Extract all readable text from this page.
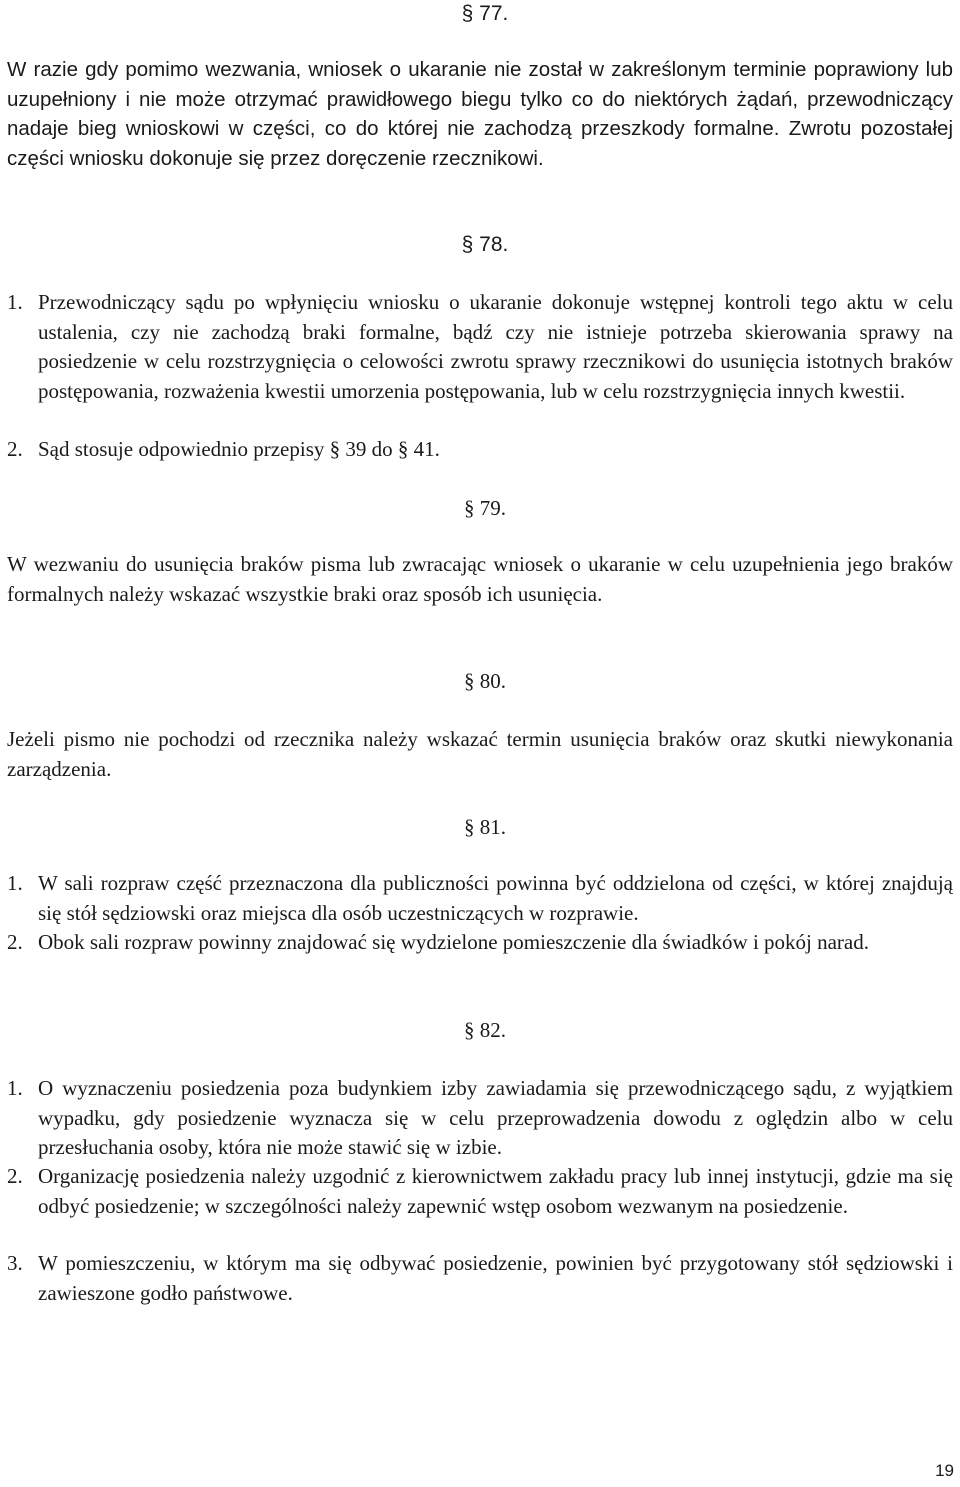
§ 77.
W razie gdy pomimo wezwania, wniosek o ukaranie nie został w zakreślonym terminie poprawiony lub uzupełniony i nie może otrzymać prawidłowego biegu tylko co do niektórych żądań, przewodniczący nadaje bieg wnioskowi w części, co do której nie zachodzą przeszkody formalne. Zwrotu pozostałej części wniosku dokonuje się przez doręczenie rzecznikowi.
§ 78.
1. Przewodniczący sądu po wpłynięciu wniosku o ukaranie dokonuje wstępnej kontroli tego aktu w celu ustalenia, czy nie zachodzą braki formalne, bądź czy nie istnieje potrzeba skierowania sprawy na posiedzenie w celu rozstrzygnięcia o celowości zwrotu sprawy rzecznikowi do usunięcia istotnych braków postępowania, rozważenia kwestii umorzenia postępowania, lub w celu rozstrzygnięcia innych kwestii.
2. Sąd stosuje odpowiednio przepisy § 39 do § 41.
§ 79.
W wezwaniu do usunięcia braków pisma lub zwracając wniosek o ukaranie w celu uzupełnienia jego braków formalnych należy wskazać wszystkie braki oraz sposób ich usunięcia.
§ 80.
Jeżeli pismo nie pochodzi od rzecznika należy wskazać termin usunięcia braków oraz skutki niewykonania zarządzenia.
§ 81.
1. W sali rozpraw część przeznaczona dla publiczności powinna być oddzielona od części, w której znajdują się stół sędziowski oraz miejsca dla osób uczestniczących w rozprawie.
2. Obok sali rozpraw powinny znajdować się wydzielone pomieszczenie dla świadków i pokój narad.
§ 82.
1. O wyznaczeniu posiedzenia poza budynkiem izby zawiadamia się przewodniczącego sądu, z wyjątkiem wypadku, gdy posiedzenie wyznacza się w celu przeprowadzenia dowodu z oględzin albo w celu przesłuchania osoby, która nie może stawić się w izbie.
2. Organizację posiedzenia należy uzgodnić z kierownictwem zakładu pracy lub innej instytucji, gdzie ma się odbyć posiedzenie; w szczególności należy zapewnić wstęp osobom wezwanym na posiedzenie.
3. W pomieszczeniu, w którym ma się odbywać posiedzenie, powinien być przygotowany stół sędziowski i zawieszone godło państwowe.
19
